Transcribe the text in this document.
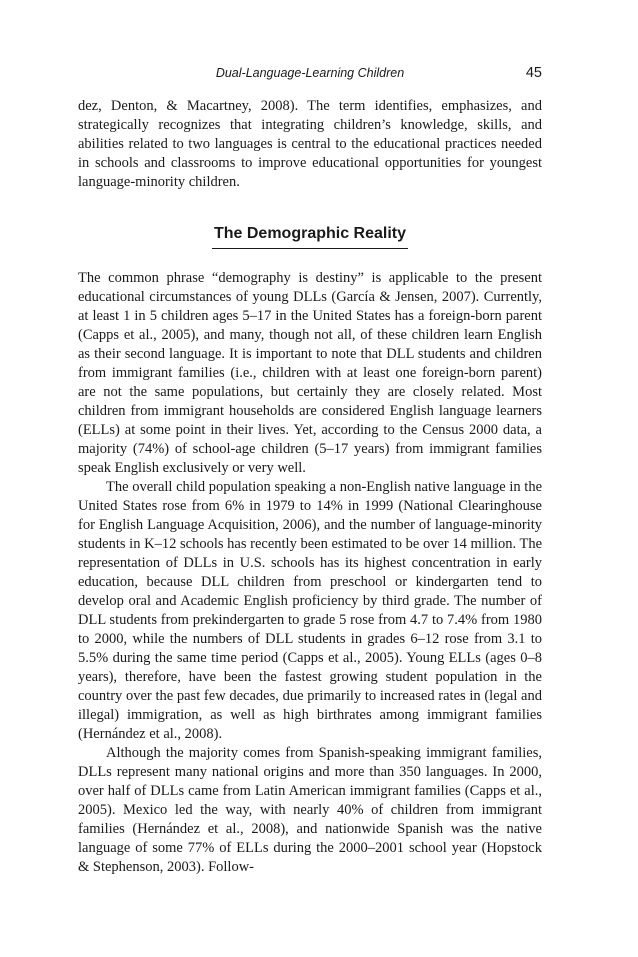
Dual-Language-Learning Children	45

dez, Denton, & Macartney, 2008). The term identifies, emphasizes, and strategically recognizes that integrating children’s knowledge, skills, and abilities related to two languages is central to the educational practices needed in schools and classrooms to improve educational opportunities for youngest language-minority children.

The Demographic Reality

The common phrase “demography is destiny” is applicable to the present educational circumstances of young DLLs (García & Jensen, 2007). Currently, at least 1 in 5 children ages 5–17 in the United States has a foreign-born parent (Capps et al., 2005), and many, though not all, of these children learn English as their second language. It is important to note that DLL students and children from immigrant families (i.e., children with at least one foreign-born parent) are not the same populations, but certainly they are closely related. Most children from immigrant households are considered English language learners (ELLs) at some point in their lives. Yet, according to the Census 2000 data, a majority (74%) of school-age children (5–17 years) from immigrant families speak English exclusively or very well.

The overall child population speaking a non-English native language in the United States rose from 6% in 1979 to 14% in 1999 (National Clearinghouse for English Language Acquisition, 2006), and the number of language-minority students in K–12 schools has recently been estimated to be over 14 million. The representation of DLLs in U.S. schools has its highest concentration in early education, because DLL children from preschool or kindergarten tend to develop oral and Academic English proficiency by third grade. The number of DLL students from prekindergarten to grade 5 rose from 4.7 to 7.4% from 1980 to 2000, while the numbers of DLL students in grades 6–12 rose from 3.1 to 5.5% during the same time period (Capps et al., 2005). Young ELLs (ages 0–8 years), therefore, have been the fastest growing student population in the country over the past few decades, due primarily to increased rates in (legal and illegal) immigration, as well as high birthrates among immigrant families (Hernández et al., 2008).

Although the majority comes from Spanish-speaking immigrant families, DLLs represent many national origins and more than 350 languages. In 2000, over half of DLLs came from Latin American immigrant families (Capps et al., 2005). Mexico led the way, with nearly 40% of children from immigrant families (Hernández et al., 2008), and nationwide Spanish was the native language of some 77% of ELLs during the 2000–2001 school year (Hopstock & Stephenson, 2003). Follow-
